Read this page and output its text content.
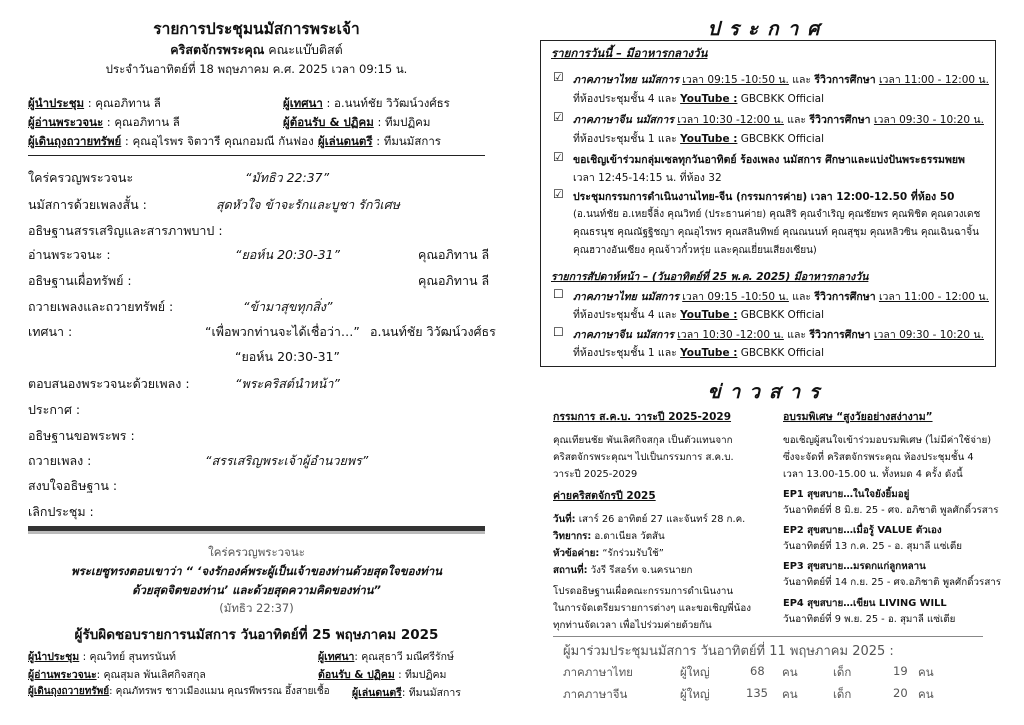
รายการประชุมนมัสการพระเจ้า
คริสตจักรพระคุณ คณะแบ๊บติสต์
ประจำวันอาทิตย์ที่ 18 พฤษภาคม ค.ศ. 2025 เวลา 09:15 น.
ผู้นำประชุม : คุณอภิทาน ลี	ผู้เทศนา : อ.นนท์ชัย วิวัฒน์วงศ์ธร
ผู้อ่านพระวจนะ : คุณอภิทาน ลี	ผู้ต้อนรับ & ปฏิคม : ทีมปฏิคม
ผู้เดินถุงถวายทรัพย์ : คุณอุไรพร จิตวารี คุณกอมณี กันฟอง ผู้เล่นดนตรี : ทีมนมัสการ
ใคร่ครวญพระวจนะ	“มัทธิว 22:37”
นมัสการด้วยเพลงสั้น :	สุดหัวใจ ข้าจะรักและบูชา รักวิเศษ
อธิษฐานสรรเสริญและสารภาพบาป :
อ่านพระวจนะ :	“ยอห์น 20:30-31”	คุณอภิทาน ลี
อธิษฐานเผื่อทรัพย์ :	คุณอภิทาน ลี
ถวายเพลงและถวายทรัพย์ :	“ข้ามาสุขทุกสิ่ง”
เทศนา :	“เพื่อพวกท่านจะได้เชื่อว่า…” อ.นนท์ชัย วิวัฒน์วงศ์ธร
“ยอห์น 20:30-31”
ตอบสนองพระวจนะด้วยเพลง :	“พระคริสต์นำหน้า”
ประกาศ :
อธิษฐานขอพระพร :
ถวายเพลง :	“สรรเสริญพระเจ้าผู้อำนวยพร”
สงบใจอธิษฐาน :
เลิกประชุม :
ใคร่ครวญพระวจนะ
พระเยซูทรงตอบเขาว่า “ ‘จงรักองค์พระผู้เป็นเจ้าของท่านด้วยสุดใจของท่าน
ด้วยสุดจิตของท่าน’ และด้วยสุดความคิดของท่าน”
(มัทธิว 22:37)
ผู้รับผิดชอบรายการนมัสการ วันอาทิตย์ที่ 25 พฤษภาคม 2025
ผู้นำประชุม : คุณวิทย์ สุนทรนันท์	ผู้เทศนา: คุณสุธาวี มณีศรีรักษ์
ผู้อ่านพระวจนะ: คุณสุมล พันเลิศกิจสกุล	ต้อนรับ & ปฏิคม : ทีมปฏิคม
ผู้เดินถุงถวายทรัพย์: คุณภัทรพร ชาวเมืองแมน คุณรพีพรรณ อึ้งสายเชื้อ ผู้เล่นดนตรี: ทีมนมัสการ
ประกาศ
รายการวันนี้ – มีอาหารกลางวัน
☑ ภาคภาษาไทย นมัสการ เวลา 09:15 -10:50 น. และ รีวิวการศึกษา เวลา 11:00 - 12:00 น.
ที่ห้องประชุมชั้น 4 และ YouTube : GBCBKK Official
☑ ภาคภาษาจีน นมัสการ เวลา 10:30 -12:00 น. และ รีวิวการศึกษา เวลา 09:30 - 10:20 น.
ที่ห้องประชุมชั้น 1 และ YouTube : GBCBKK Official
☑ ขอเชิญเข้าร่วมกลุ่มเซลทุกวันอาทิตย์ ร้องเพลง นมัสการ ศึกษาและแบ่งปันพระธรรมพยพ
เวลา 12:45-14:15 น. ที่ห้อง 32
☑ ประชุมกรรมการดำเนินงานไทย-จีน (กรรมการค่าย) เวลา 12:00-12.50 ที่ห้อง 50
(อ.นนท์ชัย อ.เหยจี้ลิ่ง คุณวิทย์ (ประธานค่าย) คุณสิริ คุณจำเริญ คุณชัยพร คุณพิชิต คุณดวงเดช
คุณธรนุช คุณณัฐฐิชญา คุณอุไรพร คุณสลินทิพย์ คุณณนนท์ คุณสุชุม คุณหลิวซิน คุณเฉินฉาจิ้น
คุณฮวางอันเซียง คุณจ้าวกั๋วหรุ่ย และคุณเยี่ยนเสียงเซียน)
รายการสัปดาห์หน้า – (วันอาทิตย์ที่ 25 พ.ค. 2025) มีอาหารกลางวัน
☐ ภาคภาษาไทย นมัสการ เวลา 09:15 -10:50 น. และ รีวิวการศึกษา เวลา 11:00 - 12:00 น.
ที่ห้องประชุมชั้น 4 และ YouTube : GBCBKK Official
☐ ภาคภาษาจีน นมัสการ เวลา 10:30 -12:00 น. และ รีวิวการศึกษา เวลา 09:30 - 10:20 น.
ที่ห้องประชุมชั้น 1 และ YouTube : GBCBKK Official
ข่าวสาร
กรรมการ ส.ค.บ. วาระปี 2025-2029
คุณเทียนชัย พันเลิศกิจสกุล เป็นตัวแทนจาก
คริสตจักรพระคุณฯ ไปเป็นกรรมการ ส.ค.บ.
วาระปี 2025-2029
ค่ายคริสตจักรปี 2025
วันที่: เสาร์ 26 อาทิตย์ 27 และจันทร์ 28 ก.ค.
วิทยากร: อ.ดาเนียล วัตสัน
หัวข้อค่าย: “รักร่วมรับใช้”
สถานที่: วังรี รีสอร์ท จ.นครนายก
โปรดอธิษฐานเผื่อคณะกรรมการดำเนินงาน
ในการจัดเตรียมรายการต่างๆ และขอเชิญพี่น้อง
ทุกท่านจัดเวลา เพื่อไปร่วมค่ายด้วยกัน
อบรมพิเศษ “สูงวัยอย่างสง่างาม”
ขอเชิญผู้สนใจเข้าร่วมอบรมพิเศษ (ไม่มีค่าใช้จ่าย)
ซึ่งจะจัดที่ คริสตจักรพระคุณ ห้องประชุมชั้น 4
เวลา 13.00-15.00 น. ทั้งหมด 4 ครั้ง ดังนี้
EP1 สุขสบาย…ในใจยังยิ้มอยู่
วันอาทิตย์ที่ 8 มิ.ย. 25 - ศจ. อภิชาติ พูลศักดิ์วรสาร
EP2 สุขสบาย…เมื่อรู้ VALUE ตัวเอง
วันอาทิตย์ที่ 13 ก.ค. 25 - อ. สุมาลี แซ่เตีย
EP3 สุขสบาย…มรดกแก่ลูกหลาน
วันอาทิตย์ที่ 14 ก.ย. 25 - ศจ.อภิชาติ พูลศักดิ์วรสาร
EP4 สุขสบาย…เขียน LIVING WILL
วันอาทิตย์ที่ 9 พ.ย. 25 - อ. สุมาลี แซ่เตีย
ผู้มาร่วมประชุมนมัสการ วันอาทิตย์ที่ 11 พฤษภาคม 2025 :
ภาคภาษาไทย	ผู้ใหญ่	68 คน	เด็ก	19 คน
ภาคภาษาจีน	ผู้ใหญ่	135 คน	เด็ก	20 คน
